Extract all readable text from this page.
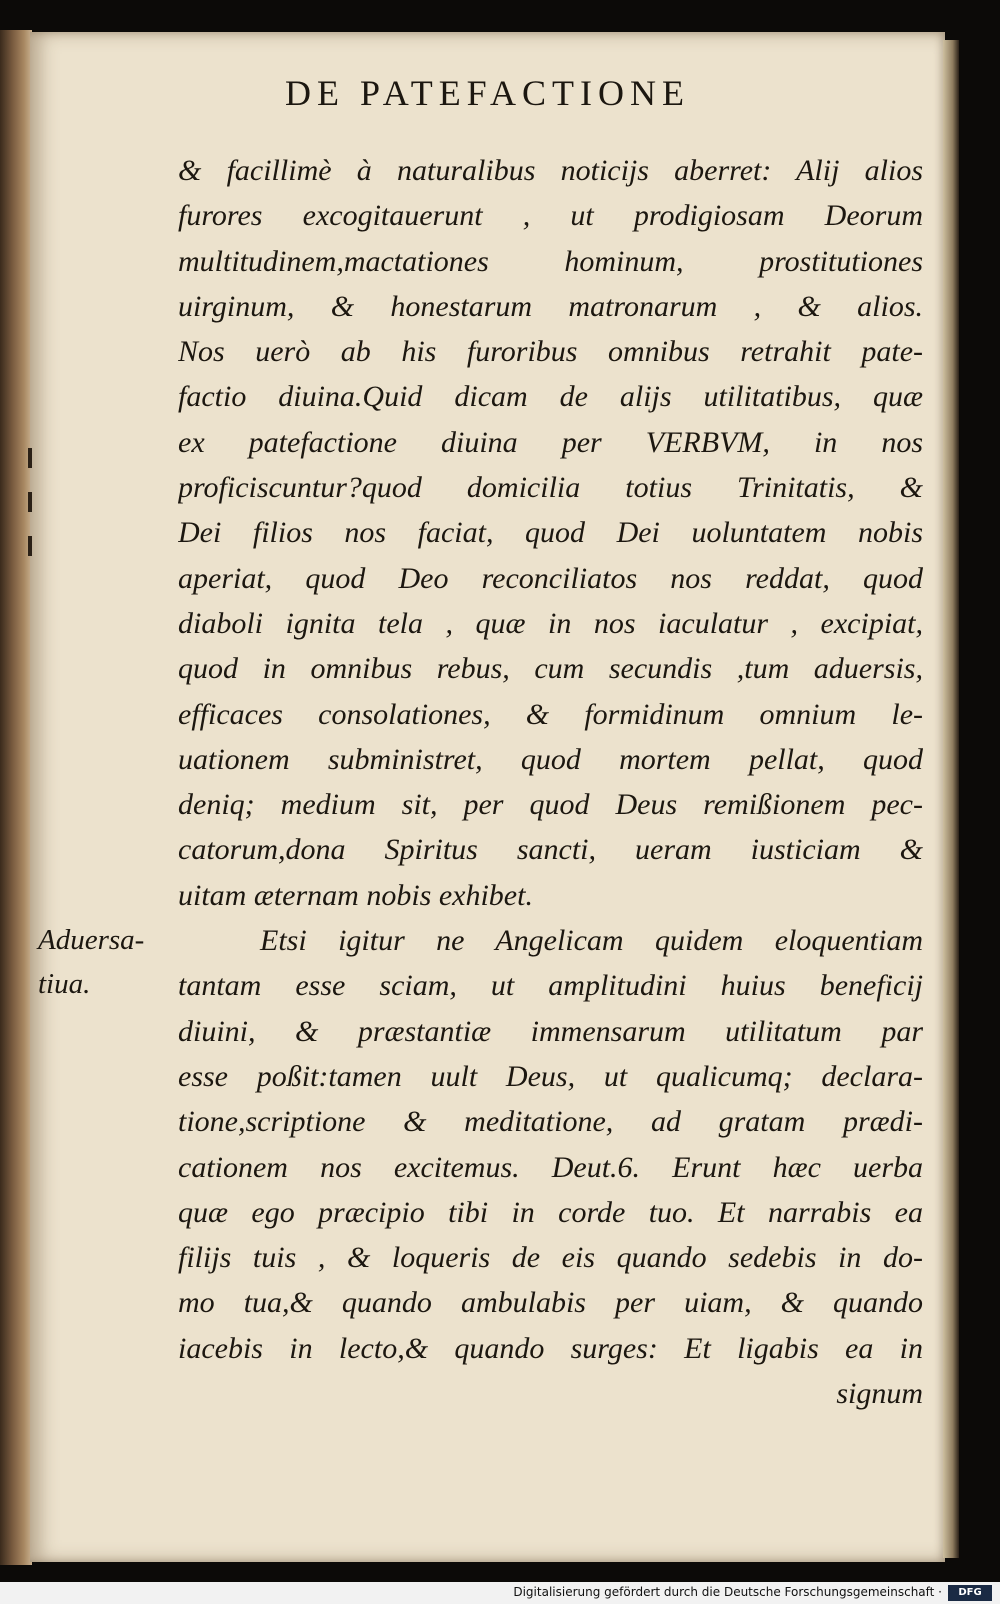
DE PATEFACTIONE
& facillimè à naturalibus noticijs aberret: Alij alios
furores excogitauerunt , ut prodigiosam Deorum
multitudinem,mactationes hominum, prostitutiones
uirginum, & honestarum matronarum , & alios.
Nos uerò ab his furoribus omnibus retrahit pate-
factio diuina.Quid dicam de alijs utilitatibus, quæ
ex patefactione diuina per VERBVM, in nos
proficiscuntur?quod domicilia totius Trinitatis, &
Dei filios nos faciat, quod Dei uoluntatem nobis
aperiat, quod Deo reconciliatos nos reddat, quod
diaboli ignita tela , quæ in nos iaculatur , excipiat,
quod in omnibus rebus, cum secundis ,tum aduersis,
efficaces consolationes, & formidinum omnium le-
uationem subministret, quod mortem pellat, quod
deniq; medium sit, per quod Deus remißionem pec-
catorum,dona Spiritus sancti, ueram iusticiam &
uitam æternam nobis exhibet.
Etsi igitur ne Angelicam quidem eloquentiam
tantam esse sciam, ut amplitudini huius beneficij
diuini, & præstantiæ immensarum utilitatum par
esse poßit:tamen uult Deus, ut qualicumq; declara-
tione,scriptione & meditatione, ad gratam prædi-
cationem nos excitemus. Deut.6. Erunt hæc uerba
quæ ego præcipio tibi in corde tuo. Et narrabis ea
filijs tuis , & loqueris de eis quando sedebis in do-
mo tua,& quando ambulabis per uiam, & quando
iacebis in lecto,& quando surges: Et ligabis ea in
signum
Aduersa-
tiua.
Digitalisierung gefördert durch die Deutsche Forschungsgemeinschaft ·	DFG
